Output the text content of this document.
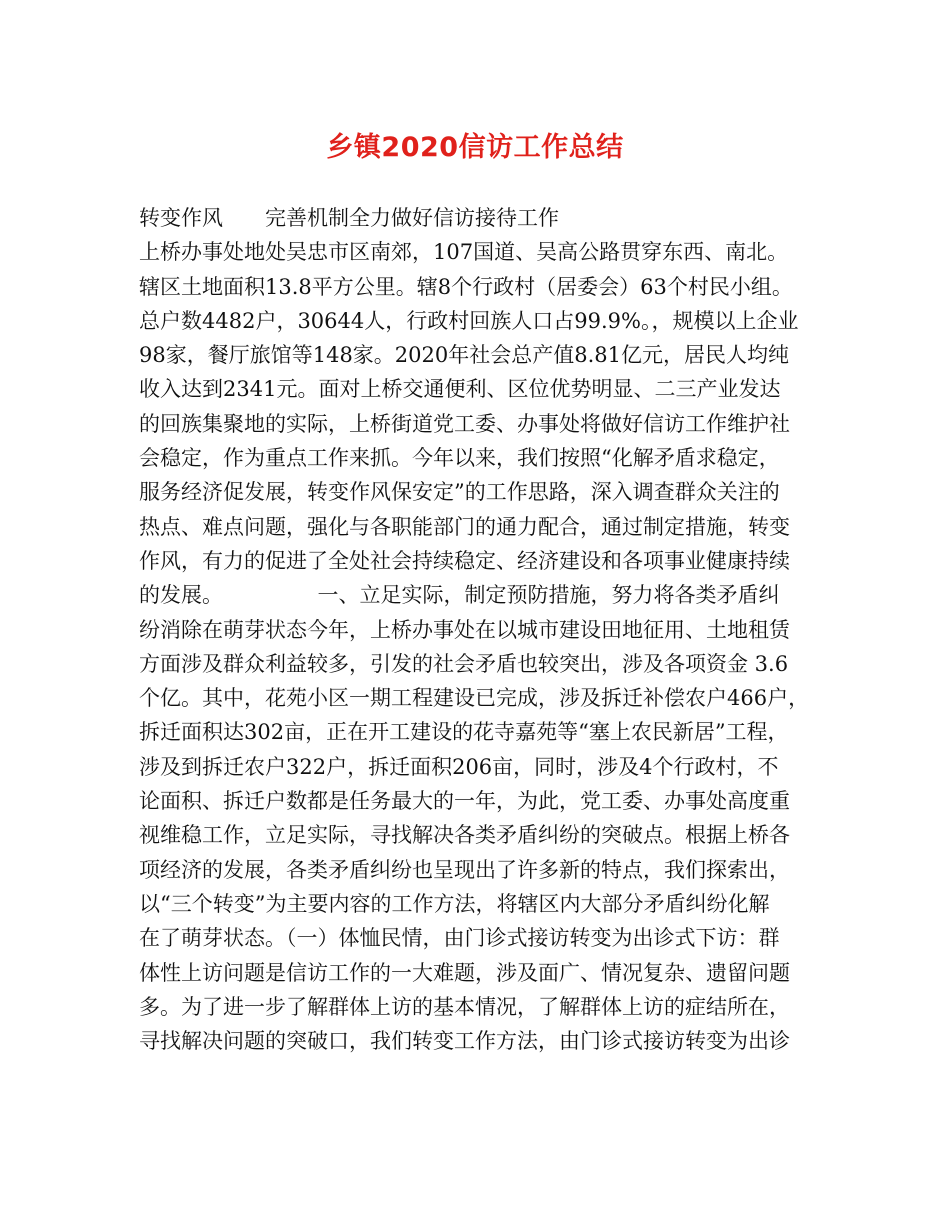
乡镇2020信访工作总结
转变作风　　完善机制全力做好信访接待工作
上桥办事处地处吴忠市区南郊，107国道、吴高公路贯穿东西、南北。
辖区土地面积13.8平方公里。辖8个行政村（居委会）63个村民小组。
总户数4482户，30644人，行政村回族人口占99.9%。，规模以上企业
98家，餐厅旅馆等148家。2020年社会总产值8.81亿元，居民人均纯
收入达到2341元。面对上桥交通便利、区位优势明显、二三产业发达
的回族集聚地的实际，上桥街道党工委、办事处将做好信访工作维护社
会稳定，作为重点工作来抓。今年以来，我们按照“化解矛盾求稳定，
服务经济促发展，转变作风保安定”的工作思路，深入调查群众关注的
热点、难点问题，强化与各职能部门的通力配合，通过制定措施，转变
作风，有力的促进了全处社会持续稳定、经济建设和各项事业健康持续
的发展。　　　　　一、立足实际，制定预防措施，努力将各类矛盾纠
纷消除在萌芽状态今年，上桥办事处在以城市建设田地征用、土地租赁
方面涉及群众利益较多，引发的社会矛盾也较突出，涉及各项资金 3.6
个亿。其中，花苑小区一期工程建设已完成，涉及拆迁补偿农户466户，
拆迁面积达302亩，正在开工建设的花寺嘉苑等“塞上农民新居”工程，
涉及到拆迁农户322户，拆迁面积206亩，同时，涉及4个行政村，不
论面积、拆迁户数都是任务最大的一年，为此，党工委、办事处高度重
视维稳工作，立足实际，寻找解决各类矛盾纠纷的突破点。根据上桥各
项经济的发展，各类矛盾纠纷也呈现出了许多新的特点，我们探索出，
以“三个转变”为主要内容的工作方法，将辖区内大部分矛盾纠纷化解
在了萌芽状态。（一）体恤民情，由门诊式接访转变为出诊式下访：群
体性上访问题是信访工作的一大难题，涉及面广、情况复杂、遗留问题
多。为了进一步了解群体上访的基本情况，了解群体上访的症结所在，
寻找解决问题的突破口，我们转变工作方法，由门诊式接访转变为出诊
